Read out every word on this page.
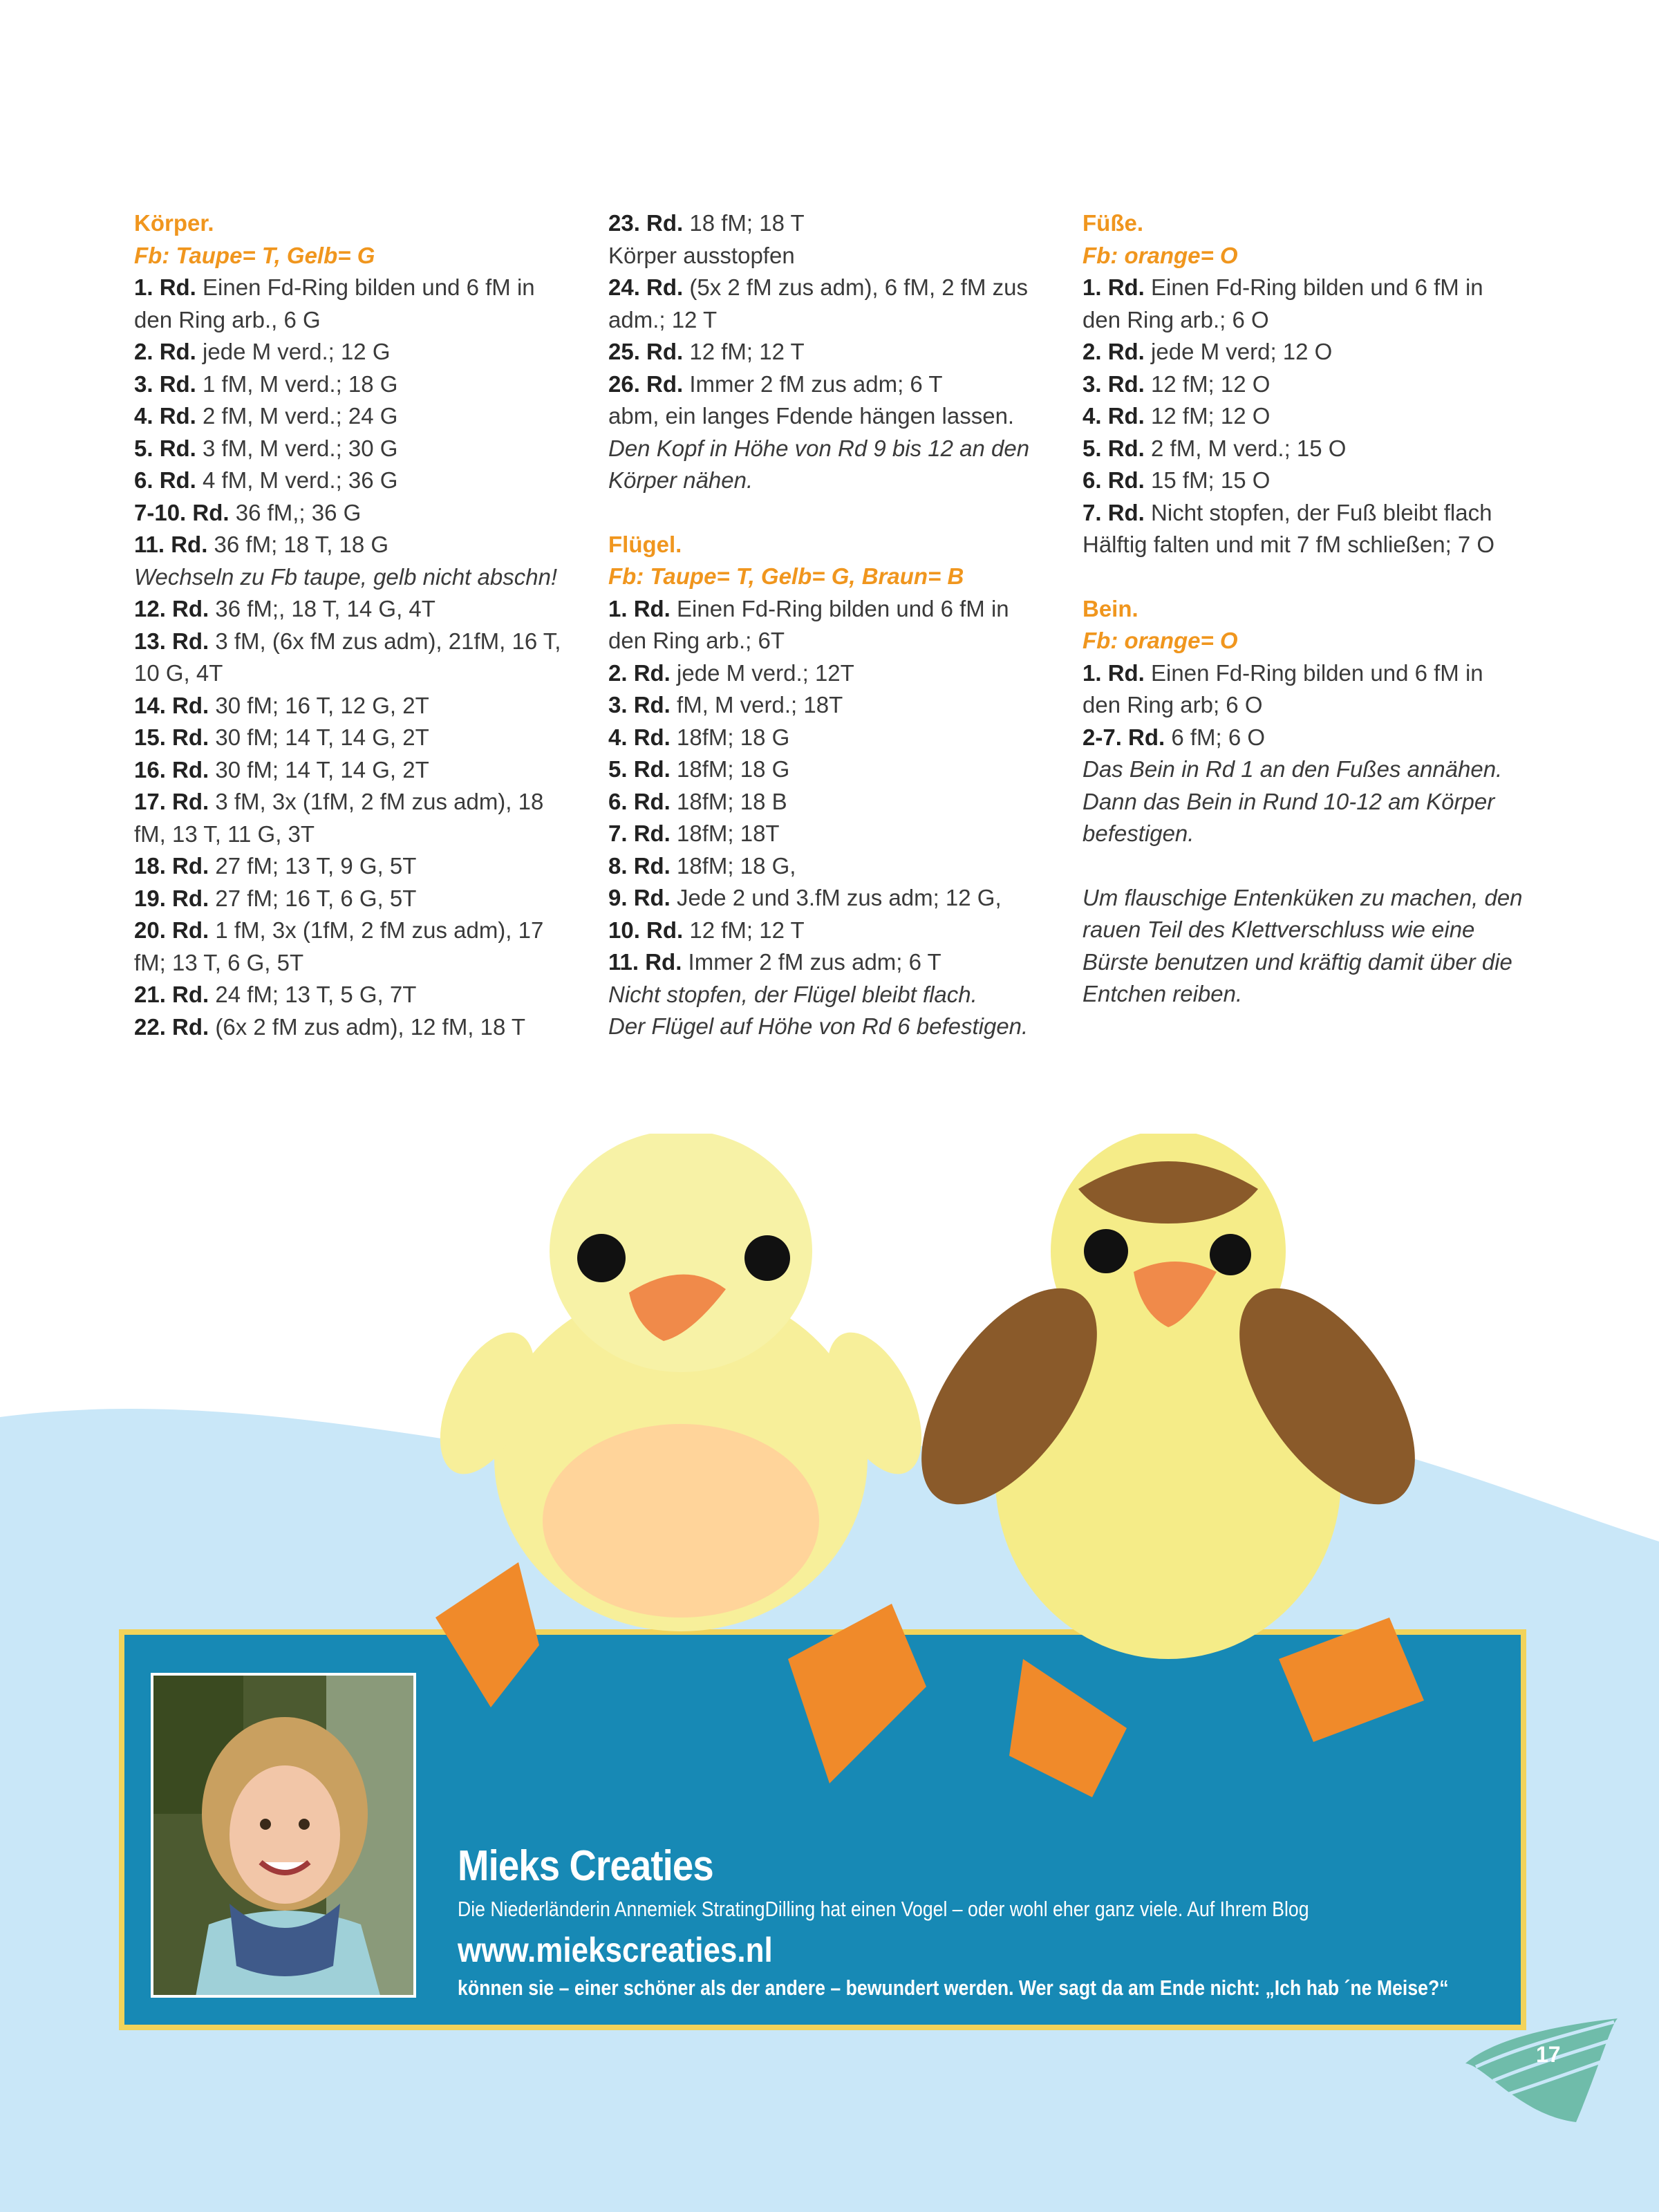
Körper.

Fb: Taupe= T, Gelb= G

1. Rd. Einen Fd-Ring bilden und 6 fM in den Ring arb., 6 G

2. Rd. jede M verd.; 12 G

3. Rd. 1 fM, M verd.; 18 G

4. Rd. 2 fM, M verd.; 24 G

5. Rd. 3 fM, M verd.; 30 G

6. Rd. 4 fM, M verd.; 36 G

7-10. Rd. 36 fM,; 36 G

11. Rd. 36 fM; 18 T, 18 G

Wechseln zu Fb taupe, gelb nicht abschn!

12. Rd. 36 fM;, 18 T, 14 G, 4T

13. Rd. 3 fM, (6x fM zus adm), 21fM, 16 T, 10 G, 4T

14. Rd. 30 fM; 16 T, 12 G, 2T

15. Rd. 30 fM; 14 T, 14 G, 2T

16. Rd. 30 fM; 14 T, 14 G, 2T

17. Rd. 3 fM, 3x (1fM, 2 fM zus adm), 18 fM, 13 T, 11 G, 3T

18. Rd. 27 fM; 13 T, 9 G, 5T

19. Rd. 27 fM; 16 T, 6 G, 5T

20. Rd. 1 fM, 3x (1fM, 2 fM zus adm), 17 fM; 13 T, 6 G, 5T

21. Rd. 24 fM; 13 T, 5 G, 7T

22. Rd. (6x 2 fM zus adm), 12 fM, 18 T

23. Rd. 18 fM; 18 T

Körper ausstopfen

24. Rd. (5x 2 fM zus adm), 6 fM, 2 fM zus adm.; 12 T

25. Rd. 12 fM; 12 T

26. Rd. Immer 2 fM zus adm; 6 T

abm, ein langes Fdende hängen lassen.

Den Kopf in Höhe von Rd 9 bis 12 an den Körper nähen.

Flügel.

Fb: Taupe= T, Gelb= G, Braun= B

1. Rd. Einen Fd-Ring bilden und 6 fM in den Ring arb.; 6T

2. Rd. jede M verd.; 12T

3. Rd. fM, M verd.; 18T

4. Rd. 18fM; 18 G

5. Rd. 18fM; 18 G

6. Rd. 18fM; 18 B

7. Rd. 18fM; 18T

8. Rd. 18fM; 18 G,

9. Rd. Jede 2 und 3.fM zus adm; 12 G,

10. Rd. 12 fM; 12 T

11. Rd. Immer 2 fM zus adm; 6 T

Nicht stopfen, der Flügel bleibt flach.

Der Flügel auf Höhe von Rd 6 befestigen.

Füße.

Fb: orange= O

1. Rd. Einen Fd-Ring bilden und 6 fM in den Ring arb.; 6 O

2. Rd. jede M verd; 12 O

3. Rd. 12 fM; 12 O

4. Rd. 12 fM; 12 O

5. Rd. 2 fM, M verd.; 15 O

6. Rd. 15 fM; 15 O

7. Rd. Nicht stopfen, der Fuß bleibt flach

Hälftig falten und mit 7 fM schließen; 7 O

Bein.

Fb: orange= O

1. Rd. Einen Fd-Ring bilden und 6 fM in den Ring arb; 6 O

2-7. Rd. 6 fM; 6 O

Das Bein in Rd 1 an den Fußes annähen. Dann das Bein in Rund 10-12 am Körper befestigen.

Um flauschige Entenküken zu machen, den rauen Teil des Klettverschluss wie eine Bürste benutzen und kräftig damit über die Entchen reiben.

Mieks Creaties
Die Niederländerin Annemiek StratingDilling hat einen Vogel – oder wohl eher ganz viele. Auf Ihrem Blog
www.miekscreaties.nl
können sie – einer schöner als der andere – bewundert werden. Wer sagt da am Ende nicht: „Ich hab ´ne Meise?“
17
